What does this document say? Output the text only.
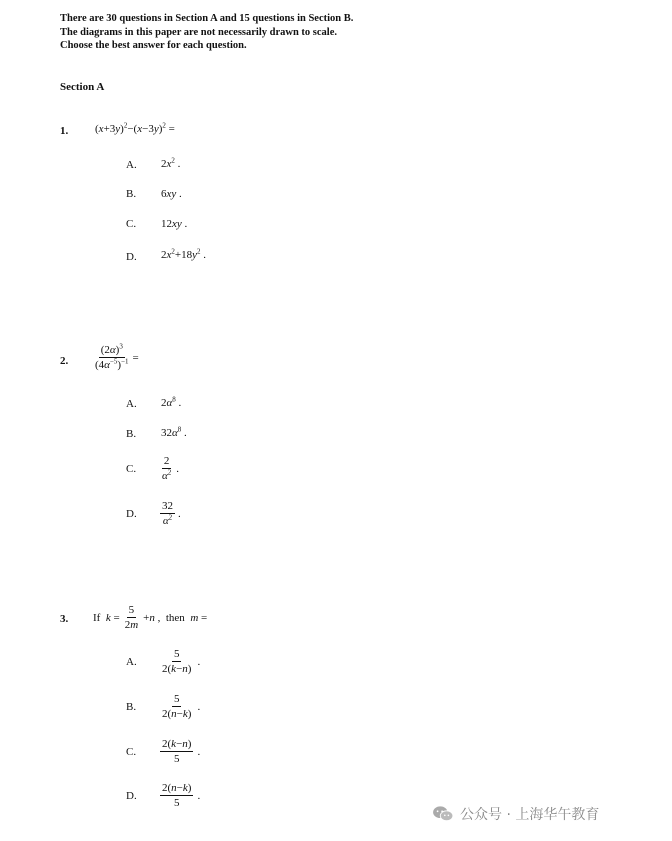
There are 30 questions in Section A and 15 questions in Section B.
The diagrams in this paper are not necessarily drawn to scale.
Choose the best answer for each question.
Section A
1. $(x+3y)^2-(x-3y)^2$ =
A. $2x^2$ .
B. 6xy .
C. 12xy .
D. $2x^2+18y^2$ .
2. $\frac{(2\alpha)^3}{(4\alpha^{-5})^{-1}}$ =
A. $2\alpha^8$ .
B. $32\alpha^8$ .
C. $\frac{2}{\alpha^2}$ .
D. $\frac{32}{\alpha^2}$ .
3. If  $k = \frac{5}{2m} +n$ ,  then  m =
A. $\frac{5}{2(k-n)}$ .
B. $\frac{5}{2(n-k)}$ .
C. $\frac{2(k-n)}{5}$ .
D. $\frac{2(n-k)}{5}$ .
公众号 · 上海华午教育
